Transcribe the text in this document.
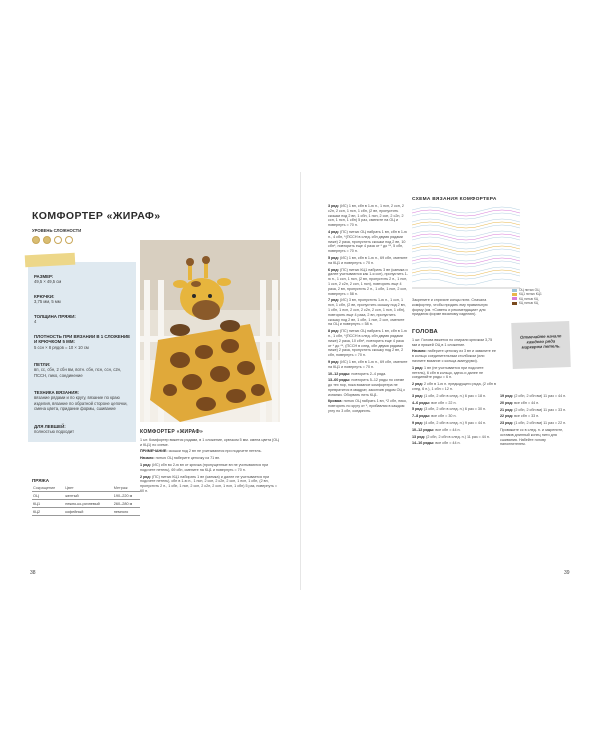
КОМФОРТЕР «ЖИРАФ»
УРОВЕНЬ СЛОЖНОСТИ
РАЗМЕР:
49,5 × 49,5 см
КРЮЧКИ:
3,75 мм, 5 мм
ТОЛЩИНА ПРЯЖИ:
4
ПЛОТНОСТЬ ПРИ ВЯЗАНИИ В 1 СЛОЖЕНИЕ И КРЮЧКОМ 5 ММ:
5 ссн × 8 рядов = 10 × 10 см
ПЕТЛИ:
вп, сс, сбн, 2 сбн вм, вотн. сбн, псн, ссн, с2н, ПССН, пико, соединение
ТЕХНИКА ВЯЗАНИЯ:
вязание рядами и по кругу, вязание по краю изделия, вязание по обратной стороне цепочки, смена цвета, придание формы, сшивание
ДЛЯ ЛЕВШЕЙ:
полностью подходит
ПРЯЖА
Сокращение	Цвет	Метраж
ОЦ	желтый	190–220 м
КЦ1	нежно-ко-ричневый	260–280 м
КЦ2	кофейный	немного
КОМФОРТЕР «ЖИРАФ»

1 ыт. Комфортер вяжется рядами, в 1 сложение, крючком 5 мм. смена цвета (ОЦ и КЦ1) по схеме.

ПРИМЕЧАНИЕ: скошки под 2 вп не учитываются при подсчете петель.

Начало: нитью ОЦ наберите цепочку из 71 вп.

1 ряд: (ИС) сбн во 2-ю вп от крючка (пропущенные вп не учитываются при подсчете петель), 69 сбн, смените на КЦ1 и повернуть = 70 п.

2 ряд: (ПС) нитью КЦ1 набирать 1 вп (каемка) и далее не учитывается при подсчете петель), сбн в 1-ю п., 1 псн, 2 ссн, 2 с2н, 2 ссн, 1 псн, 1 сбн, (2 вп, пропустить 2 п., 1 сбн, 1 псн, 2 ссн, 2 с2н, 2 ссн, 1 псн, 1 сбн) 5 раз, повернуть = 60 п.

38

3 ряд: (ИС) 1 вп, сбн в 1-ю п., 1 псн, 2 ссн, 2 с2н, 2 ссн, 1 псн, 1 сбн, (2 вп, пропустить скошки под 2 вп, 1 сбн, 1 псн, 2 ссн, 2 с2н, 2 ссн, 1 псн, 1 сбн) 5 раз, смените на ОЦ и повернуть = 70 п.

4 ряд: (ПС) нитью ОЦ набрать 1 вп, сбн в 1-ю п., 4 сбн, *(ПССН в след. сбн двумя рядами ниже) 2 раза, пропустить скошки под 2 вп, 10 сбн*, повторить еще 4 раза от * до **, 5 сбн, повернуть = 70 п.

5 ряд: (ИС) 1 вп, сбн в 1-ю п., 69 сбн, смените на КЦ1 и повернуть = 70 п.

6 ряд: (ПС) нитью КЦ1 набрать 3 вп (каемка и далее учитываются как 1-я ссн), пропустить 1-ю п., 1 ссн, 1 псн, (2 вп, пропустить 2 п., 1 псн, 1 ссн, 2 с2н, 2 ссн, 1 псн), повторить еще 4 раза, 2 вп, пропустить 2 п., 1 сбн, 1 псн, 2 ссн, повернуть = 58 п.

7 ряд: (ИС) 3 вп, пропустить 1-ю п., 1 ссн, 1 псн, 1 сбн, (2 вп, пропустить скошку под 2 вп, 1 сбн, 1 псн, 2 ссн, 2 с2н, 2 ссн, 1 псн, 1 сбн), повторить еще 4 раза, 2 вп, пропустить скошку под 2 вп, 1 сбн, 1 псн, 2 ссн, смените на ОЦ и повернуть = 58 п.

8 ряд: (ПС) нитью ОЦ набрать 1 вп, сбн в 1-ю п., 1 сбн, *(ПССН в след. сбн двумя рядами ниже) 2 раза, 10 сбн*, повторить еще 4 раза от * до **, (ПССН в след. сбн двумя рядами ниже) 2 раза, пропустить скошку под 2 вп, 2 сбн, повернуть = 70 п.

9 ряд: (ИС) 1 вп, сбн в 1-ю п., 69 сбн, смените на КЦ1 и повернуть = 70 п.

10–12 ряды: повторить 2–4 ряда.

13–60 ряды: повторить 5–12 ряды по схеме до тех пор, пока вязаное комфортера не превратится в квадрат, закончив рядом ОЦ с изнанки. Оборвать нить КЦ1.

Кромка: нитью ОЦ набрать 1 вп, *2 сбн, пико, повторить по кругу от *, прибавляя в каждом углу по 3 сбн, соединить.

СХЕМА ВЯЗАНИЯ КОМФОРТЕРА
ОЦ нитью ОЦ
КЦ1 нитью КЦ1
КЦ нитью КЦ
КЦ нитью КЦ
Закрепите и спрячьте концы нити. Сначала комфортер, чтобы придать ему правильную форму (см. «Советы и рекомендации» для придания форме вязаному изделию).
ГОЛОВА

1 шт. Голова вяжется по спирали крючком 3,75 мм и пряжей ОЦ в 1 сложение.

Начало: наберите цепочку из 3 вп и замкните ее в кольцо соединительным столбиком (или начните вязание с кольца амигуруми).

1 ряд: 1 вп (не учитывается при подсчете петель), 6 сбн в кольцо, здесь и далее не соединяйте ряды = 6 п.

2 ряд: 2 сбн в 1-ю п. предыдущего ряда, (2 сбн в след. 6 п.), 1 сбн = 12 п.

3 ряд: (1 сбн, 2 сбн в след. п.) 6 раз = 18 п.

4–6 ряды: все сбн = 22 п.

5 ряд: (3 сбн, 2 сбн в след. п.) 6 раз = 30 п.

7–8 ряды: все сбн = 30 п.

9 ряд: (4 сбн, 2 сбн в след. п.) 9 раз = 44 п.

10–12 ряды: все сбн = 44 п.

13 ряд: (2 сбн, 2 сбн в след. п.) 11 раз = 44 п.

14–16 ряды: все сбн = 44 п.

Отмечайте начало каждого ряда маркером петель.

19 ряд: (2 сбн, 2 сбн вм) 11 раз = 44 п.

20 ряд: все сбн = 44 п.

21 ряд: (2 сбн, 2 сбн вм) 11 раз = 33 п.

22 ряд: все сбн = 33 п.

23 ряд: (1 сбн, 2 сбн вм) 11 раз = 22 п.

Провяжите сс в след. п. и закрепите, оставив длинный конец нити для сшивания. Набейте голову наполнителем.

39
